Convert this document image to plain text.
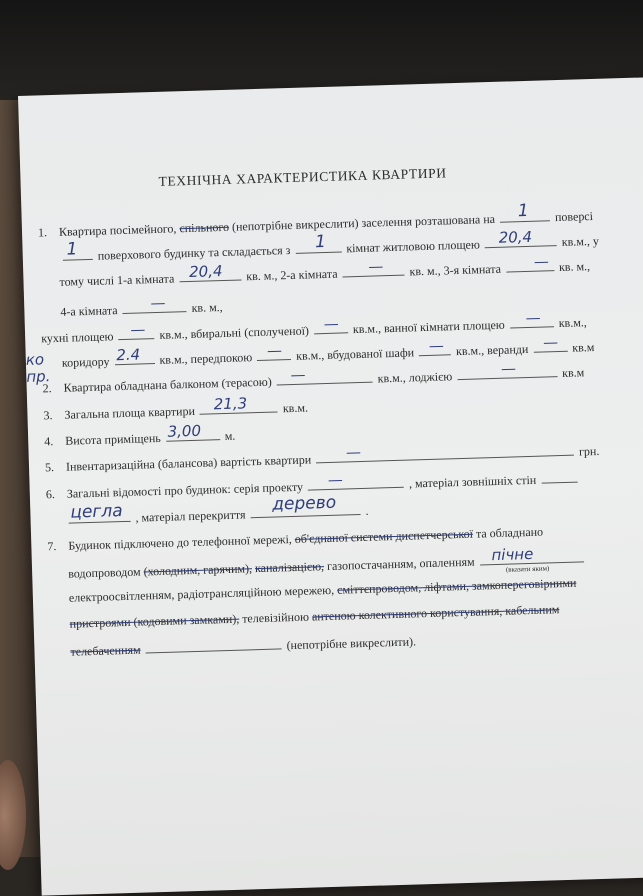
ТЕХНІЧНА ХАРАКТЕРИСТИКА КВАРТИРИ
1. Квартира посімейного, спільного (непотрібне викреслити) заселення розташована на
1 поверсі
1 поверхового будинку та складається з
1 кімнат житловою площею 20,4 кв.м., у
тому числі 1-а кімната 20,4 кв. м., 2-а кімната — кв. м., 3-я кімната — кв. м.,
4-а кімната — кв. м.,
кухні площею — кв.м., вбиральні (сполученої) — кв.м., ванної кімнати площею — кв.м.,
коридору 2.4 кв.м., передпокою — кв.м., вбудованої шафи — кв.м., веранди — кв.м
ко
пр.
2. Квартира обладнана балконом (терасою) —	кв.м., лоджією	—	кв.м
3. Загальна площа квартири 21,3	кв.м.
4. Висота приміщень 3,00 м.
5. Інвентаризаційна (балансова) вартість квартири
—	грн.
6. Загальні відомості про будинок: серія проекту —	, матеріал зовнішніх стін
цегла , матеріал перекриття
дерево .
7. Будинок підключено до телефонної мережі, об'єднаної системи диспетчерської та обладнано
водопроводом (холодним, гарячим), каналізацією, газопостачанням, опаленням пічне
(вказати яким)
електроосвітленням, радіотрансляційною мережею, сміттєпроводом, ліфтами, замкопереговірними
пристроями (кодовими замками), телевізійною антеною колективного користування, кабельним
телебаченням	(непотрібне викреслити).
